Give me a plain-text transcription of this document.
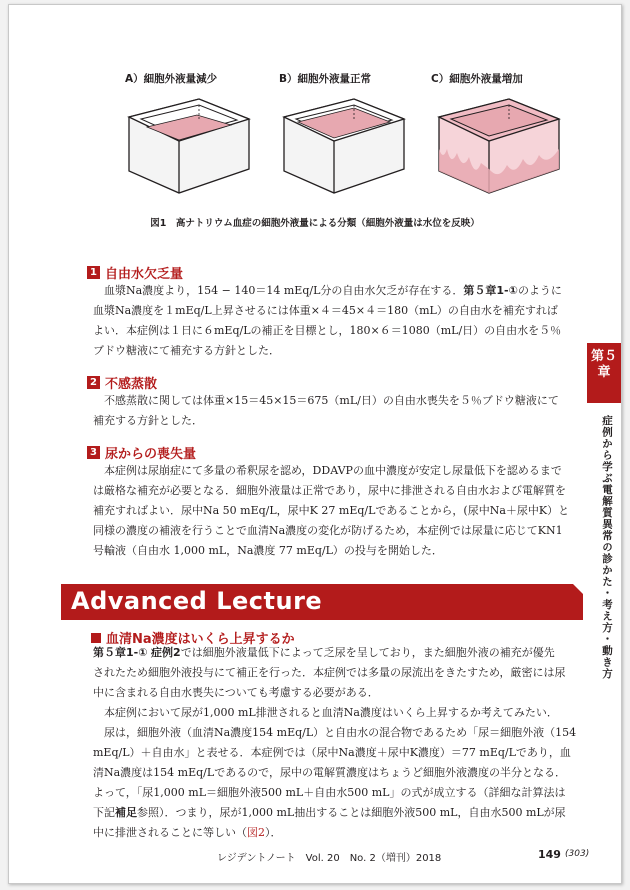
A）細胞外液量減少	B）細胞外液量正常	C）細胞外液量増加
図1　高ナトリウム血症の細胞外液量による分類（細胞外液量は水位を反映）
1 自由水欠乏量
血漿Na濃度より，154 − 140＝14 mEq/L分の自由水欠乏が存在する．第５章1-①のように
血漿Na濃度を１mEq/L上昇させるには体重×４＝45×４＝180（mL）の自由水を補充すれば
よい．本症例は１日に６mEq/Lの補正を目標とし，180×６＝1080（mL/日）の自由水を５％
ブドウ糖液にて補充する方針とした．
2 不感蒸散
不感蒸散に関しては体重×15＝45×15＝675（mL/日）の自由水喪失を５％ブドウ糖液にて
補充する方針とした．
3 尿からの喪失量
本症例は尿崩症にて多量の希釈尿を認め，DDAVPの血中濃度が安定し尿量低下を認めるまで
は厳格な補充が必要となる．細胞外液量は正常であり，尿中に排泄される自由水および電解質を
補充すればよい．尿中Na 50 mEq/L，尿中K 27 mEq/Lであることから，(尿中Na＋尿中K）と
同様の濃度の補液を行うことで血清Na濃度の変化が防げるため，本症例では尿量に応じてKN1
号輸液（自由水 1,000 mL，Na濃度 77 mEq/L）の投与を開始した．
第５
章
症例から学ぶ電解質異常の診かた・考え方・動き方
Advanced Lecture
血清Na濃度はいくら上昇するか
第５章1-① 症例2では細胞外液量低下によって乏尿を呈しており，また細胞外液の補充が優先
されたため細胞外液投与にて補正を行った．本症例では多量の尿流出をきたすため，厳密には尿
中に含まれる自由水喪失についても考慮する必要がある．
本症例において尿が1,000 mL排泄されると血清Na濃度はいくら上昇するか考えてみたい．
尿は，細胞外液（血清Na濃度154 mEq/L）と自由水の混合物であるため「尿＝細胞外液（154
mEq/L）＋自由水」と表せる．本症例では（尿中Na濃度＋尿中K濃度）＝77 mEq/Lであり，血
清Na濃度は154 mEq/Lであるので，尿中の電解質濃度はちょうど細胞外液濃度の半分となる．
よって，「尿1,000 mL＝細胞外液500 mL＋自由水500 mL」の式が成立する（詳細な計算法は
下記補足参照）．つまり，尿が1,000 mL抽出することは細胞外液500 mL，自由水500 mLが尿
中に排泄されることに等しい（図2）．
レジデントノート　Vol. 20　No. 2（増刊）2018	149 (303)
